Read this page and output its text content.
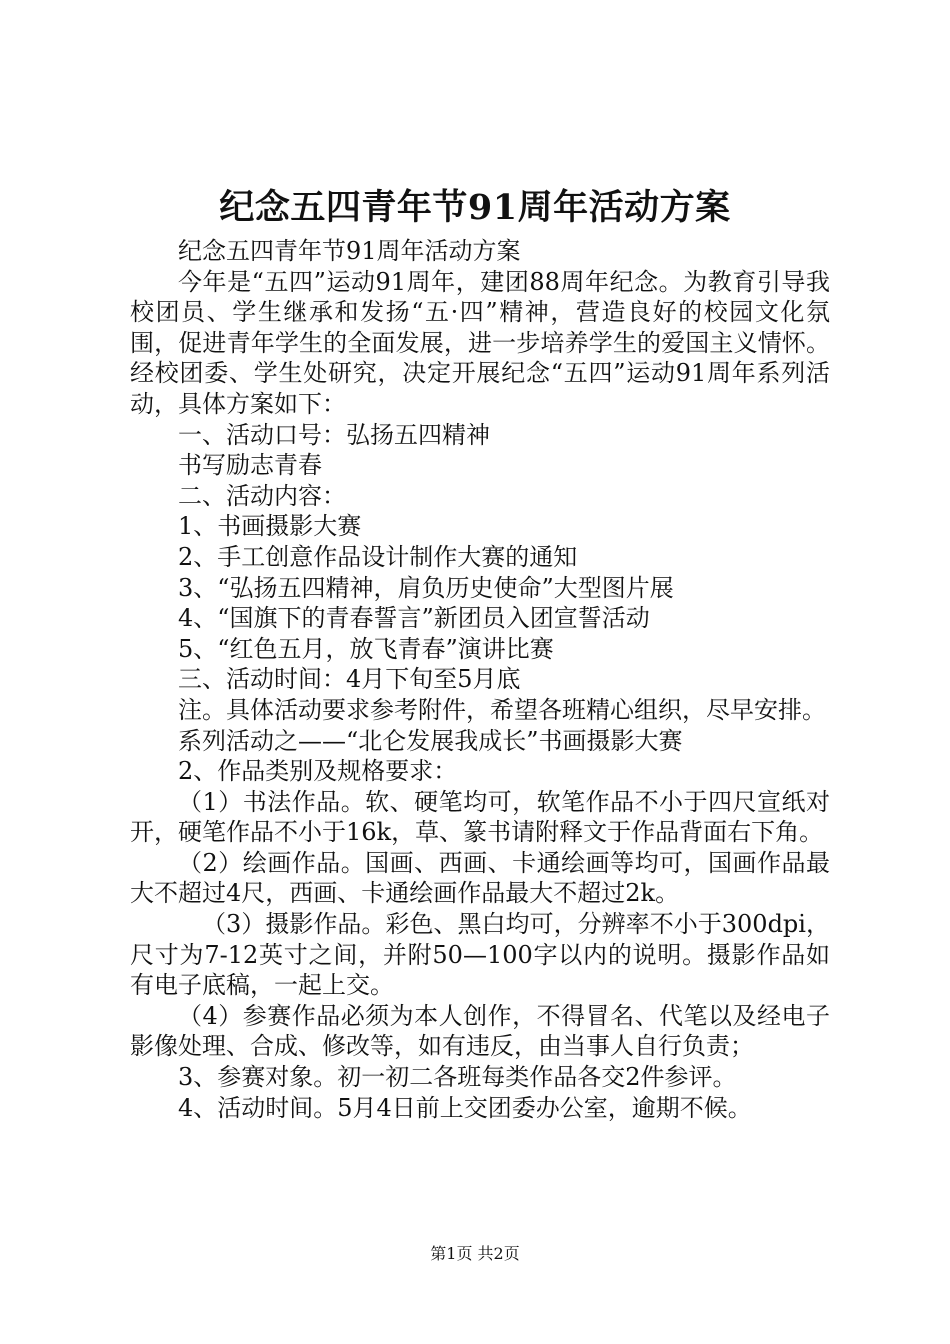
纪念五四青年节91周年活动方案

纪念五四青年节91周年活动方案

今年是“五四”运动91周年，建团88周年纪念。为教育引导我校团员、学生继承和发扬“五·四”精神，营造良好的校园文化氛围，促进青年学生的全面发展，进一步培养学生的爱国主义情怀。经校团委、学生处研究，决定开展纪念“五四”运动91周年系列活动，具体方案如下：

一、活动口号：弘扬五四精神

书写励志青春

二、活动内容：

1、书画摄影大赛

2、手工创意作品设计制作大赛的通知

3、“弘扬五四精神，肩负历史使命”大型图片展

4、“国旗下的青春誓言”新团员入团宣誓活动

5、“红色五月，放飞青春”演讲比赛

三、活动时间：4月下旬至5月底

注。具体活动要求参考附件，希望各班精心组织，尽早安排。

系列活动之——“北仑发展我成长”书画摄影大赛

2、作品类别及规格要求：

（1）书法作品。软、硬笔均可，软笔作品不小于四尺宣纸对开，硬笔作品不小于16k，草、篆书请附释文于作品背面右下角。

（2）绘画作品。国画、西画、卡通绘画等均可，国画作品最大不超过4尺，西画、卡通绘画作品最大不超过2k。

（3）摄影作品。彩色、黑白均可，分辨率不小于300dpi，尺寸为7-12英寸之间，并附50—100字以内的说明。摄影作品如有电子底稿，一起上交。

（4）参赛作品必须为本人创作，不得冒名、代笔以及经电子影像处理、合成、修改等，如有违反，由当事人自行负责；

3、参赛对象。初一初二各班每类作品各交2件参评。

4、活动时间。5月4日前上交团委办公室，逾期不候。

第1页 共2页
